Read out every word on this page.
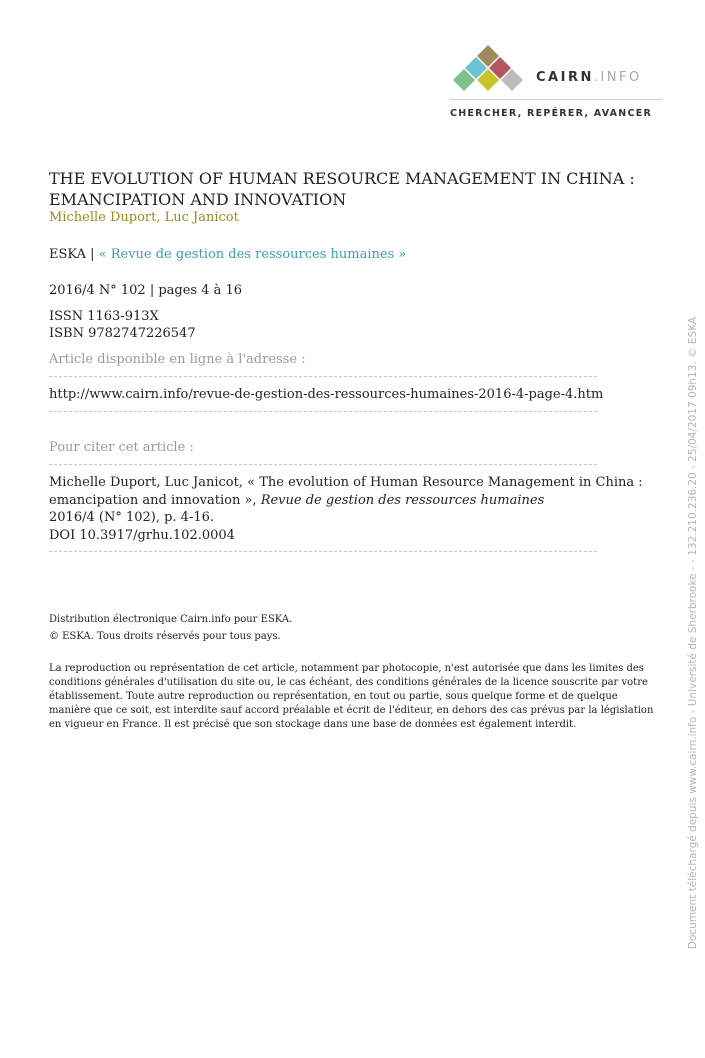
CAIRN.INFO
CHERCHER, REPÉRER, AVANCER
THE EVOLUTION OF HUMAN RESOURCE MANAGEMENT IN CHINA : EMANCIPATION AND INNOVATION
Michelle Duport, Luc Janicot
ESKA | « Revue de gestion des ressources humaines »
2016/4 N° 102 | pages 4 à 16
ISSN 1163-913X
ISBN 9782747226547
Article disponible en ligne à l'adresse :
http://www.cairn.info/revue-de-gestion-des-ressources-humaines-2016-4-page-4.htm
Pour citer cet article :
Michelle Duport, Luc Janicot, « The evolution of Human Resource Management in China : emancipation and innovation », Revue de gestion des ressources humaines
2016/4 (N° 102), p. 4-16.
DOI 10.3917/grhu.102.0004
Distribution électronique Cairn.info pour ESKA.
© ESKA. Tous droits réservés pour tous pays.
La reproduction ou représentation de cet article, notamment par photocopie, n'est autorisée que dans les limites des conditions générales d'utilisation du site ou, le cas échéant, des conditions générales de la licence souscrite par votre établissement. Toute autre reproduction ou représentation, en tout ou partie, sous quelque forme et de quelque manière que ce soit, est interdite sauf accord préalable et écrit de l'éditeur, en dehors des cas prévus par la législation en vigueur en France. Il est précisé que son stockage dans une base de données est également interdit.	Document téléchargé depuis www.cairn.info - Université de Sherbrooke - - 132.210.236.20 - 25/04/2017 09h13. © ESKA
